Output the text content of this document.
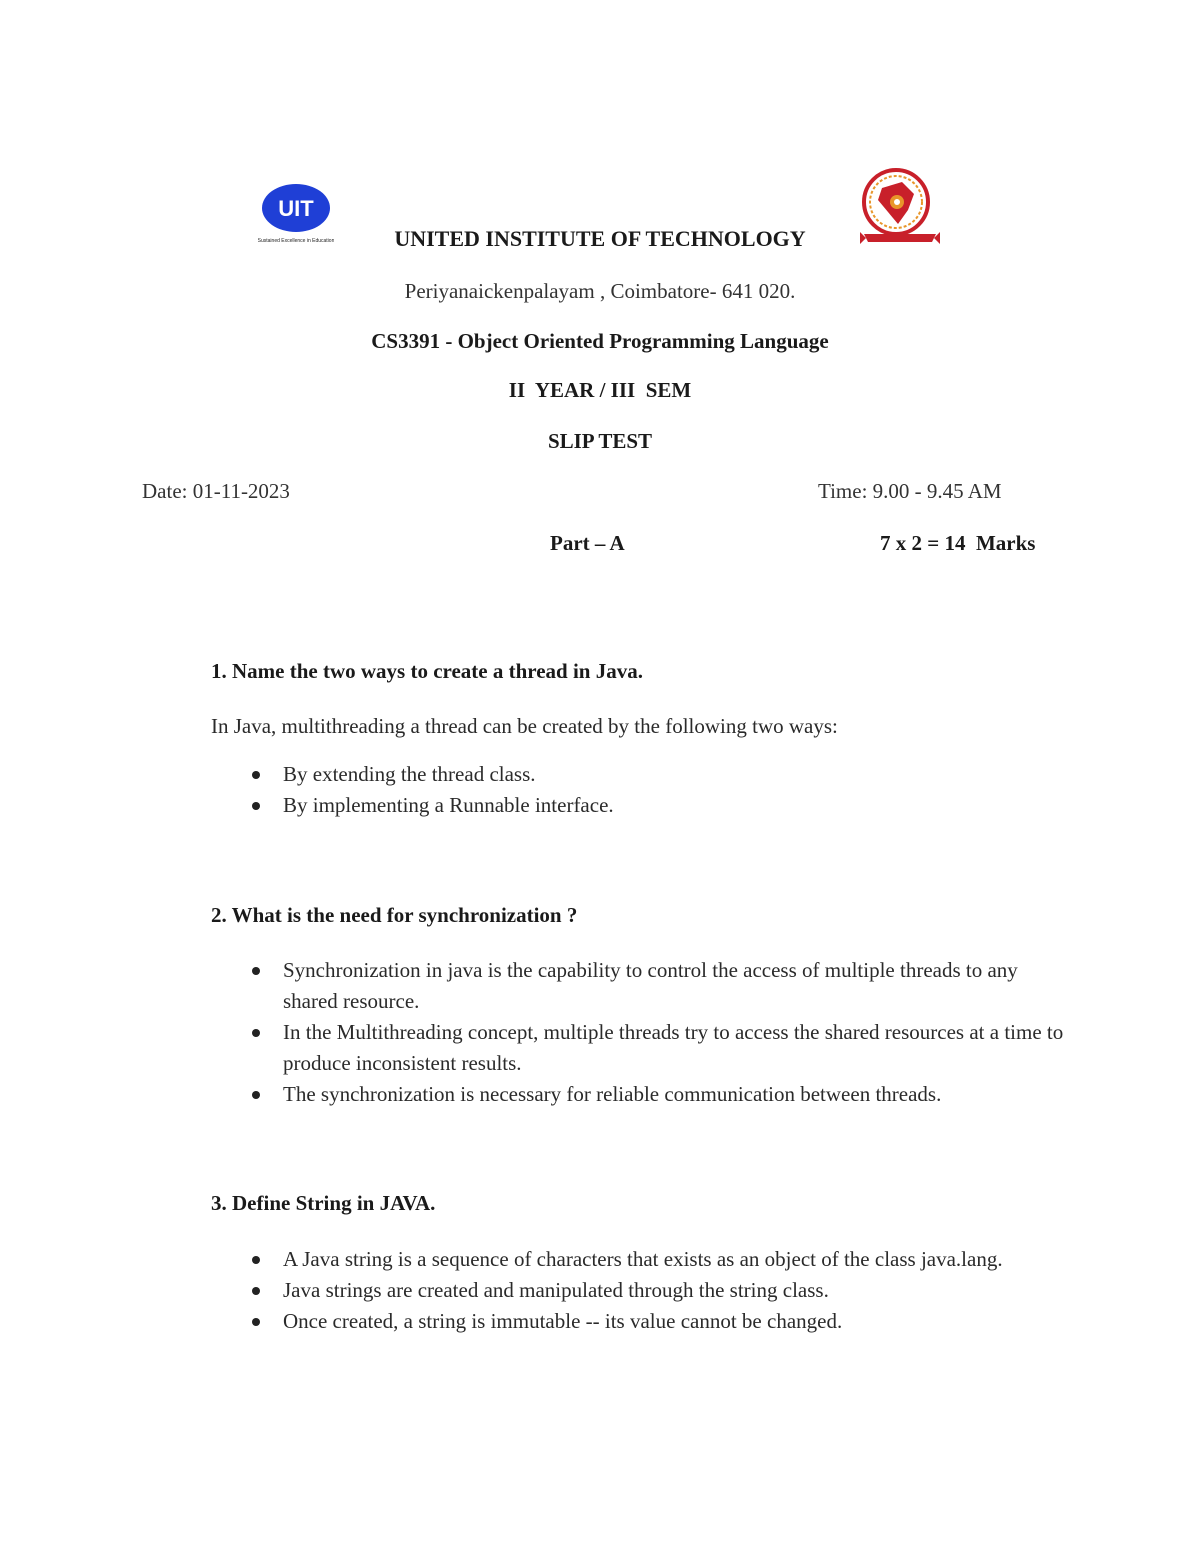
UIT
Sustained Excellence in Education	UNITED INSTITUTE OF TECHNOLOGY
Periyanaickenpalayam , Coimbatore- 641 020.
CS3391 - Object Oriented Programming Language
II  YEAR / III  SEM
SLIP TEST
Date: 01-11-2023	Time: 9.00 - 9.45 AM
Part – A	7 x 2 = 14  Marks
1. Name the two ways to create a thread in Java.
In Java, multithreading a thread can be created by the following two ways:
By extending the thread class.
By implementing a Runnable interface.
2. What is the need for synchronization ?
Synchronization in java is the capability to control the access of multiple threads to any shared resource.
In the Multithreading concept, multiple threads try to access the shared resources at a time to produce inconsistent results.
The synchronization is necessary for reliable communication between threads.
3. Define String in JAVA.
A Java string is a sequence of characters that exists as an object of the class java.lang.
Java strings are created and manipulated through the string class.
Once created, a string is immutable -- its value cannot be changed.
